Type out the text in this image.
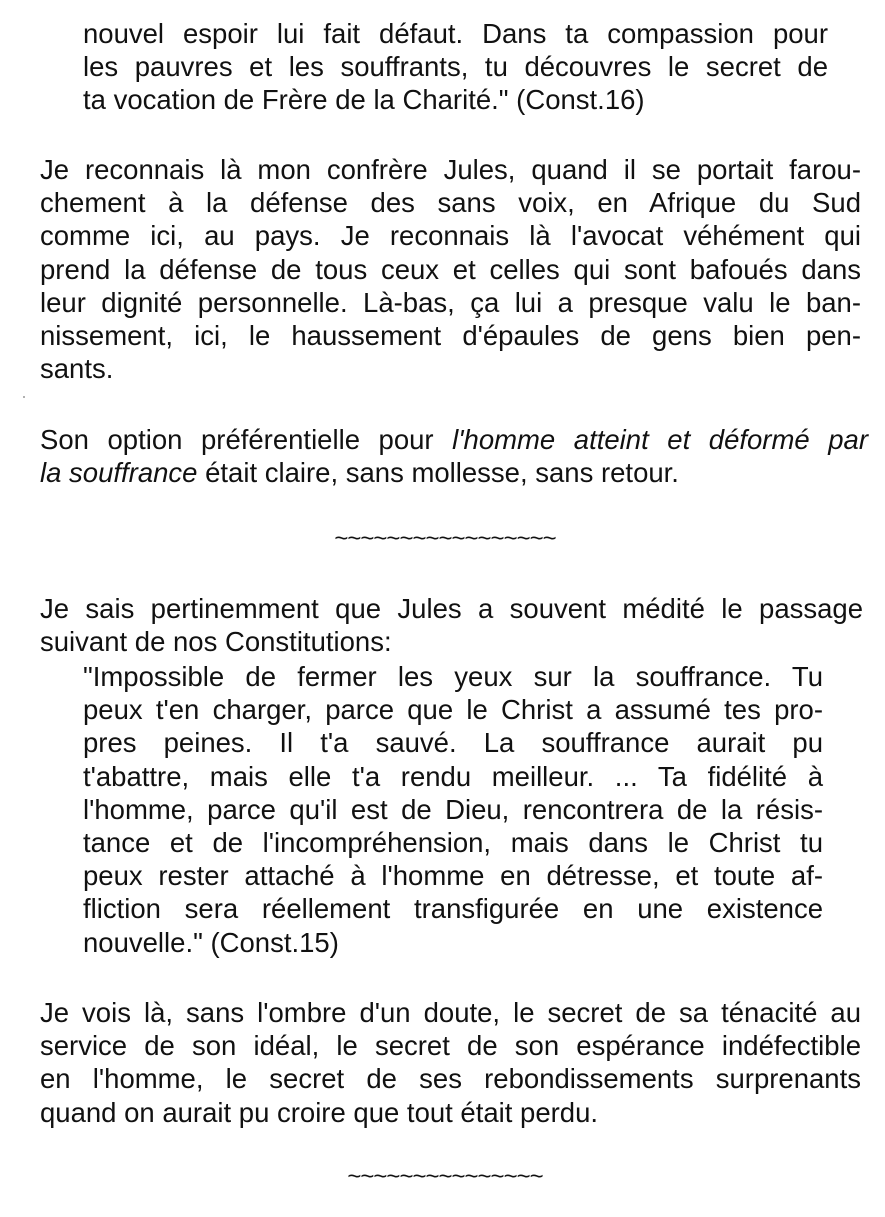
nouvel espoir lui fait défaut. Dans ta compassion pour
les pauvres et les souffrants, tu découvres le secret de
ta vocation de Frère de la Charité." (Const.16)
Je reconnais là mon confrère Jules, quand il se portait farou-
chement à la défense des sans voix, en Afrique du Sud
comme ici, au pays. Je reconnais là l'avocat véhément qui
prend la défense de tous ceux et celles qui sont bafoués dans
leur dignité personnelle. Là-bas, ça lui a presque valu le ban-
nissement, ici, le haussement d'épaules de gens bien pen-
sants.
Son option préférentielle pour l'homme atteint et déformé par
la souffrance était claire, sans mollesse, sans retour.
~~~~~~~~~~~~~~~~~
Je sais pertinemment que Jules a souvent médité le passage
suivant de nos Constitutions:
"Impossible de fermer les yeux sur la souffrance. Tu
peux t'en charger, parce que le Christ a assumé tes pro-
pres peines. Il t'a sauvé. La souffrance aurait pu
t'abattre, mais elle t'a rendu meilleur. ... Ta fidélité à
l'homme, parce qu'il est de Dieu, rencontrera de la résis-
tance et de l'incompréhension, mais dans le Christ tu
peux rester attaché à l'homme en détresse, et toute af-
fliction sera réellement transfigurée en une existence
nouvelle." (Const.15)
Je vois là, sans l'ombre d'un doute, le secret de sa ténacité au
service de son idéal, le secret de son espérance indéfectible
en l'homme, le secret de ses rebondissements surprenants
quand on aurait pu croire que tout était perdu.
~~~~~~~~~~~~~~~
